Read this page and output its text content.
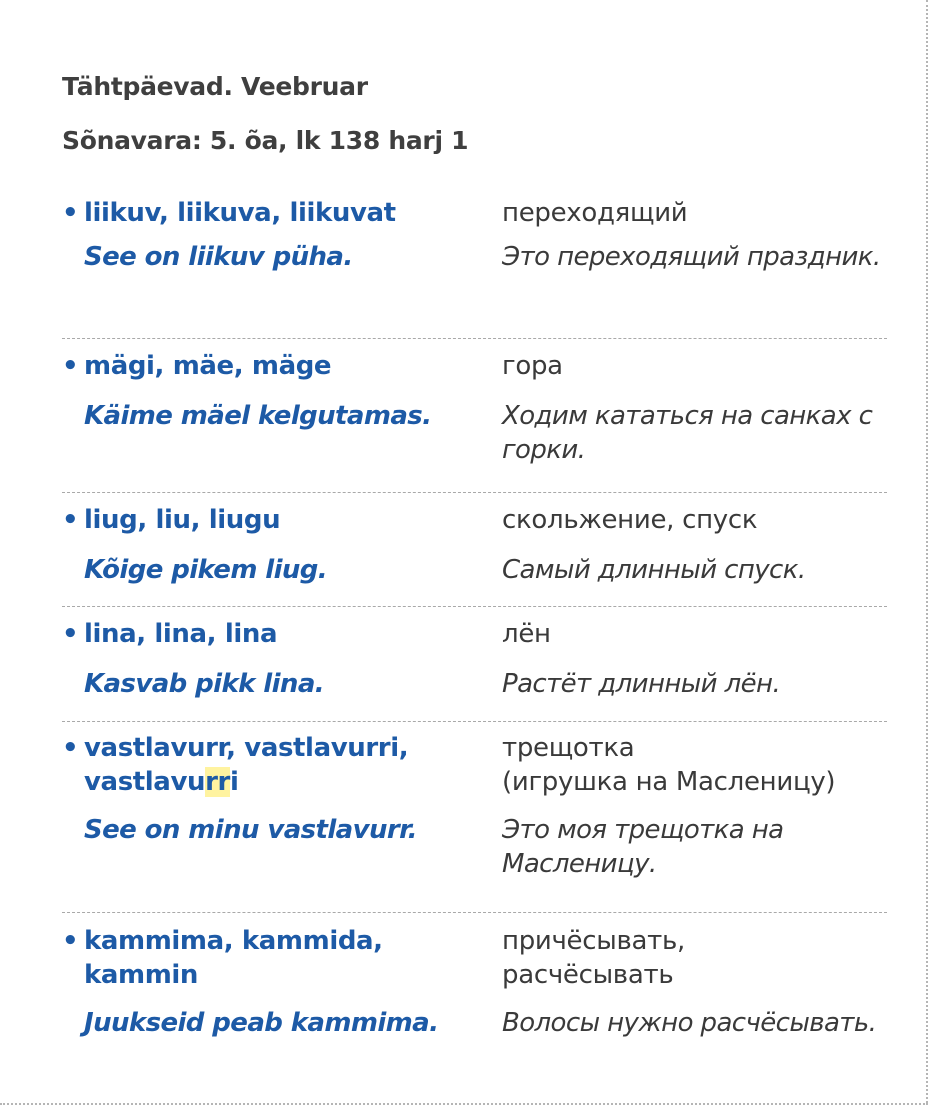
Tähtpäevad. Veebruar
Sõnavara: 5. õa, lk 138 harj 1
• liikuv, liikuva, liikuvat
See on liikuv püha.
переходящий
Это переходящий праздник.
• mägi, mäe, mäge
Käime mäel kelgutamas.
гора
Ходим кататься на санках с горки.
• liug, liu, liugu
Kõige pikem liug.
скольжение, спуск
Самый длинный спуск.
• lina, lina, lina
Kasvab pikk lina.
лён
Растёт длинный лён.
• vastlavurr, vastlavurri,
vastlavurri
See on minu vastlavurr.
трещотка
(игрушка на Масленицу)
Это моя трещотка на Масленицу.
• kammima, kammida,
kammin
Juukseid peab kammima.
причёсывать,
расчёсывать
Волосы нужно расчёсывать.
